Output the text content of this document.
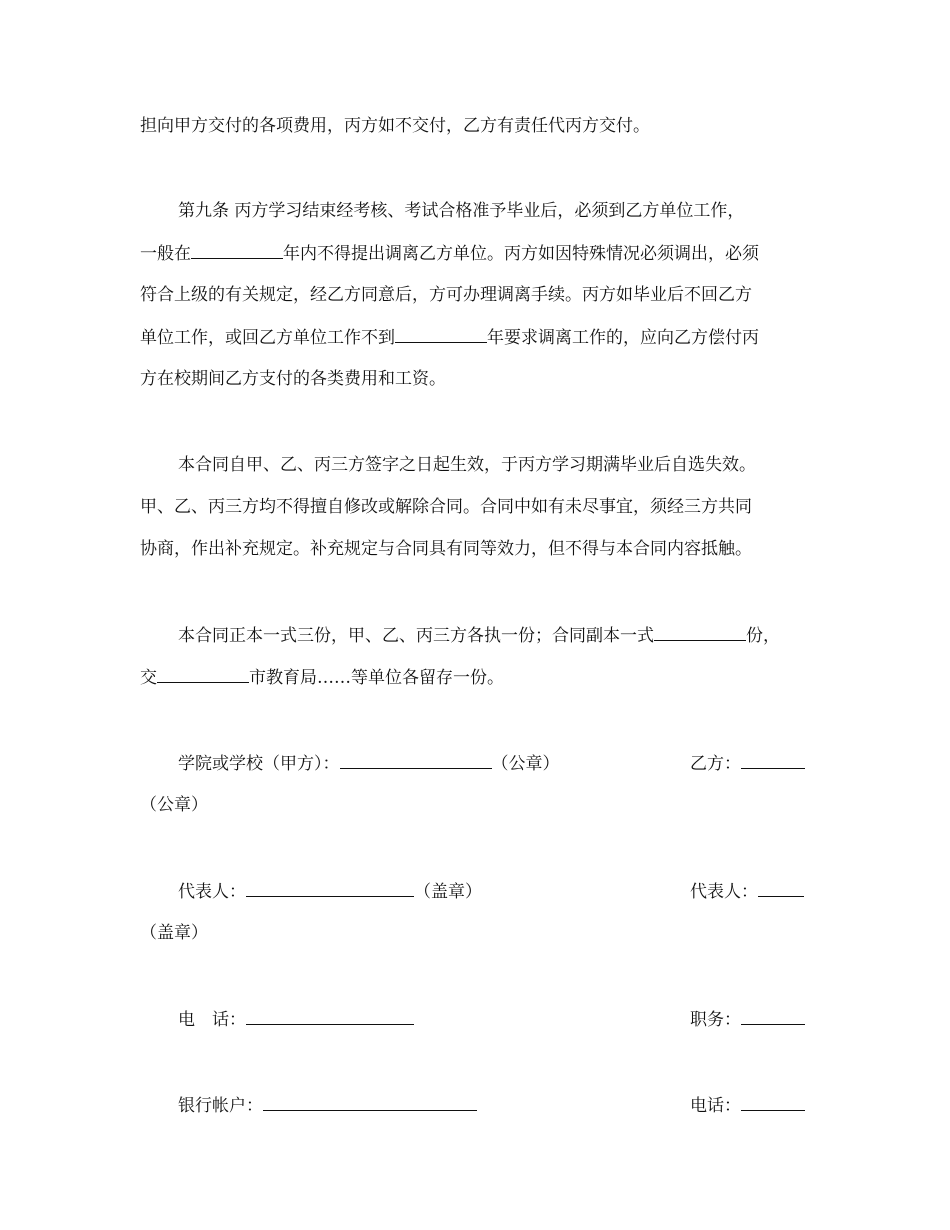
担向甲方交付的各项费用，丙方如不交付，乙方有责任代丙方交付。
第九条 丙方学习结束经考核、考试合格准予毕业后，必须到乙方单位工作，
一般在	年内不得提出调离乙方单位。丙方如因特殊情况必须调出，必须
符合上级的有关规定，经乙方同意后，方可办理调离手续。丙方如毕业后不回乙方
单位工作，或回乙方单位工作不到	年要求调离工作的，应向乙方偿付丙
方在校期间乙方支付的各类费用和工资。
本合同自甲、乙、丙三方签字之日起生效，于丙方学习期满毕业后自选失效。
甲、乙、丙三方均不得擅自修改或解除合同。合同中如有未尽事宜，须经三方共同
协商，作出补充规定。补充规定与合同具有同等效力，但不得与本合同内容抵触。
本合同正本一式三份，甲、乙、丙三方各执一份；合同副本一式	份，
交	市教育局……等单位各留存一份。
学院或学校（甲方）：	（公章）	乙方：
（公章）
代表人：	（盖章）	代表人：
（盖章）
电　话：	职务：
银行帐户：	电话：
